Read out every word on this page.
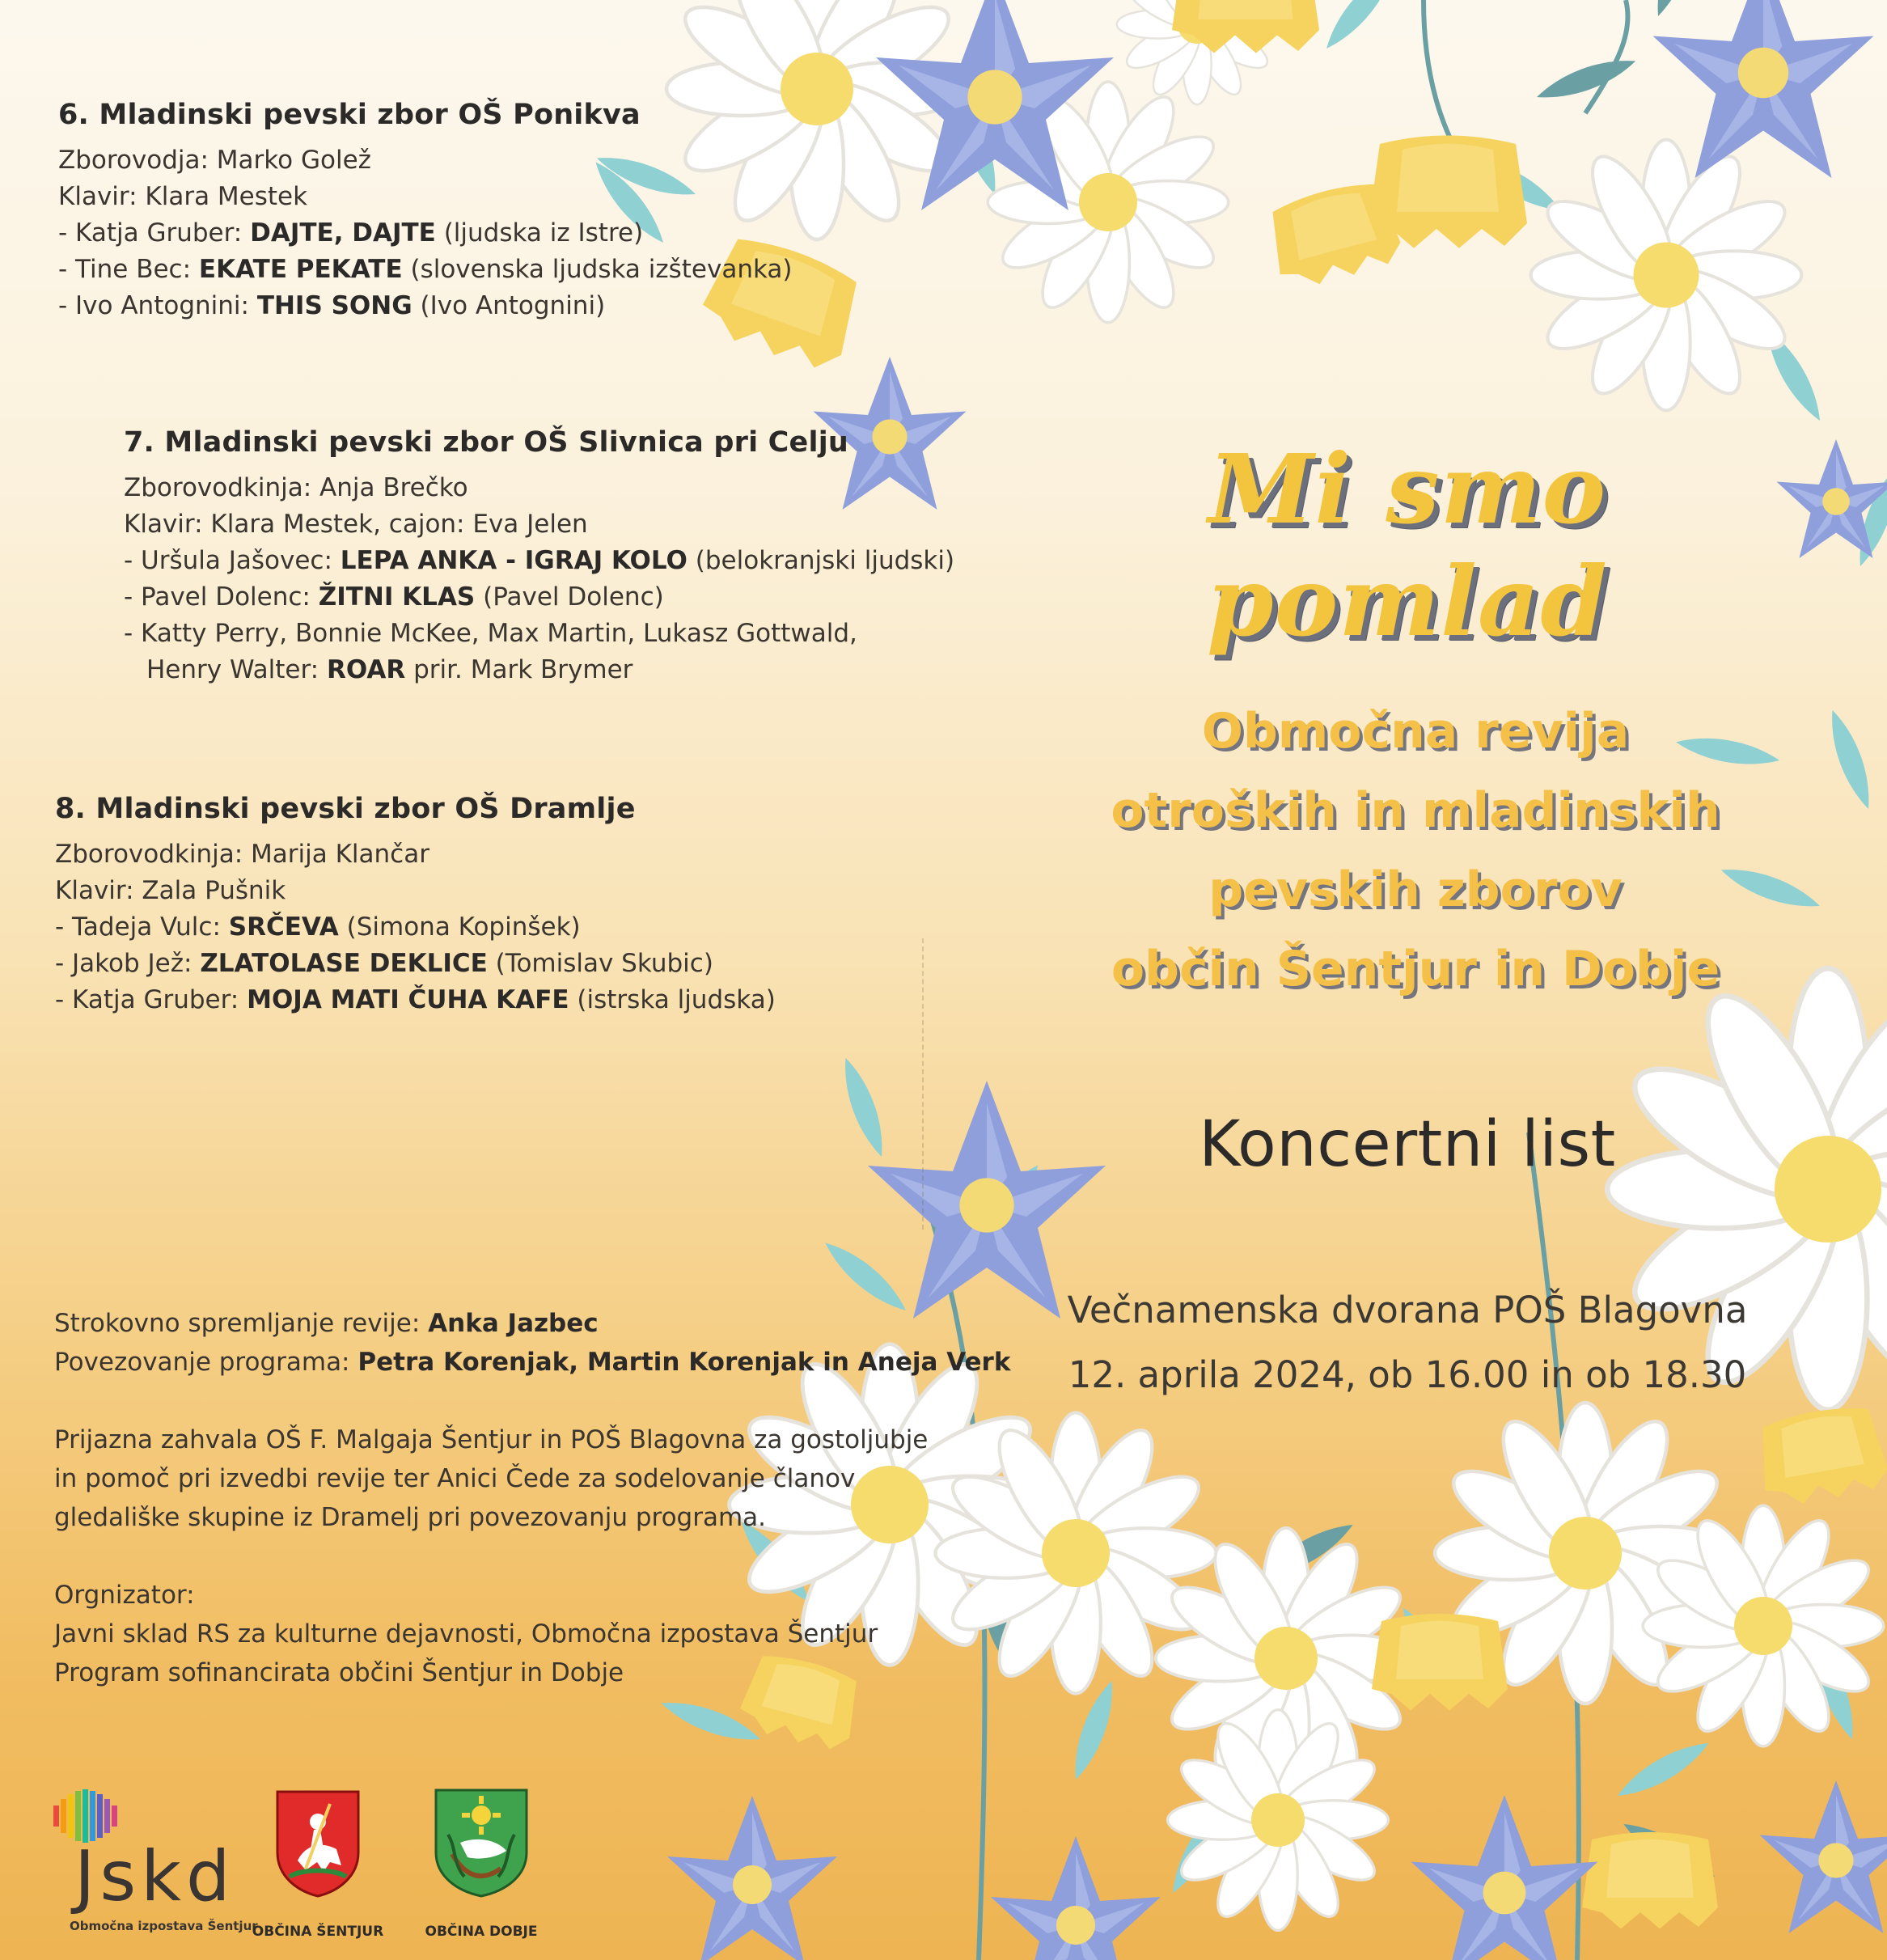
6. Mladinski pevski zbor OŠ Ponikva
Zborovodja: Marko Golež
Klavir: Klara Mestek
- Katja Gruber: DAJTE, DAJTE (ljudska iz Istre)
- Tine Bec: EKATE PEKATE (slovenska ljudska izštevanka)
- Ivo Antognini: THIS SONG (Ivo Antognini)
7. Mladinski pevski zbor OŠ Slivnica pri Celju
Zborovodkinja: Anja Brečko
Klavir: Klara Mestek, cajon: Eva Jelen
- Uršula Jašovec: LEPA ANKA - IGRAJ KOLO (belokranjski ljudski)
- Pavel Dolenc: ŽITNI KLAS (Pavel Dolenc)
- Katty Perry, Bonnie McKee, Max Martin, Lukasz Gottwald,
Henry Walter: ROAR prir. Mark Brymer
8. Mladinski pevski zbor OŠ Dramlje
Zborovodkinja: Marija Klančar
Klavir: Zala Pušnik
- Tadeja Vulc: SRČEVA (Simona Kopinšek)
- Jakob Jež: ZLATOLASE DEKLICE (Tomislav Skubic)
- Katja Gruber: MOJA MATI ČUHA KAFE (istrska ljudska)
Strokovno spremljanje revije: Anka Jazbec
Povezovanje programa: Petra Korenjak, Martin Korenjak in Aneja Verk
Prijazna zahvala OŠ F. Malgaja Šentjur in POŠ Blagovna za gostoljubje
in pomoč pri izvedbi revije ter Anici Čede za sodelovanje članov
gledališke skupine iz Dramelj pri povezovanju programa.
Orgnizator:
Javni sklad RS za kulturne dejavnosti, Območna izpostava Šentjur
Program sofinancirata občini Šentjur in Dobje
Jskd
Območna izpostava Šentjur
OBČINA ŠENTJUR	OBČINA DOBJE
Mi smo pomlad
Območna revija
otroških in mladinskih
pevskih zborov
občin Šentjur in Dobje
Koncertni list
Večnamenska dvorana POŠ Blagovna
12. aprila 2024, ob 16.00 in ob 18.30
